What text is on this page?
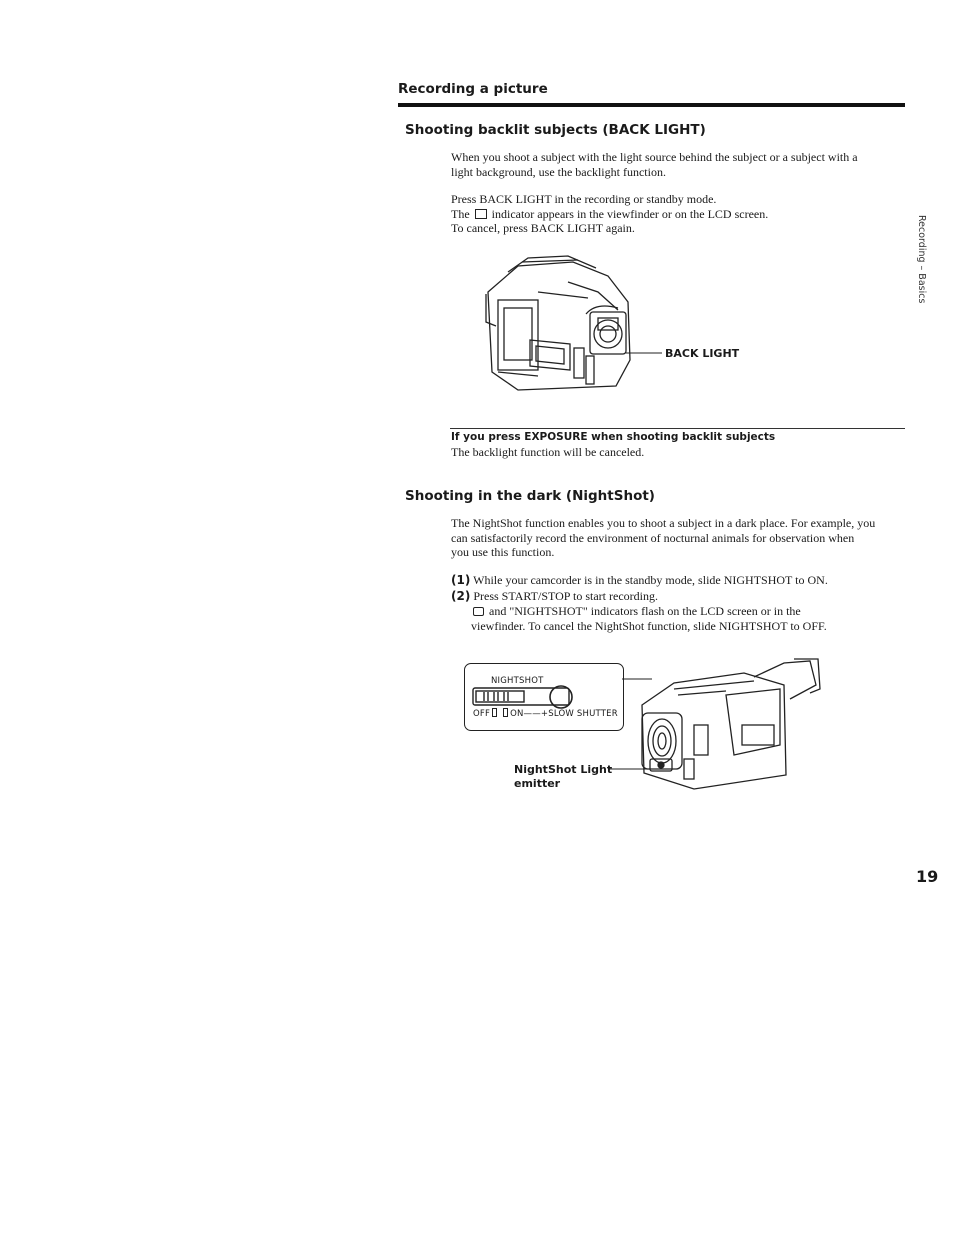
Recording a picture
Shooting backlit subjects (BACK LIGHT)
When you shoot a subject with the light source behind the subject or a subject with a
light background, use the backlight function.
Press BACK LIGHT in the recording or standby mode.
The indicator appears in the viewfinder or on the LCD screen.
To cancel, press BACK LIGHT again.
BACK LIGHT
If you press EXPOSURE when shooting backlit subjects
The backlight function will be canceled.
Shooting in the dark (NightShot)
The NightShot function enables you to shoot a subject in a dark place. For example, you
can satisfactorily record the environment of nocturnal animals for observation when
you use this function.
(1) While your camcorder is in the standby mode, slide NIGHTSHOT to ON.
(2) Press START/STOP to start recording.
and "NIGHTSHOT" indicators flash on the LCD screen or in the
viewfinder. To cancel the NightShot function, slide NIGHTSHOT to OFF.
NIGHTSHOT
OFF ON——+SLOW SHUTTER
NightShot Light
emitter
Recording – Basics
19
